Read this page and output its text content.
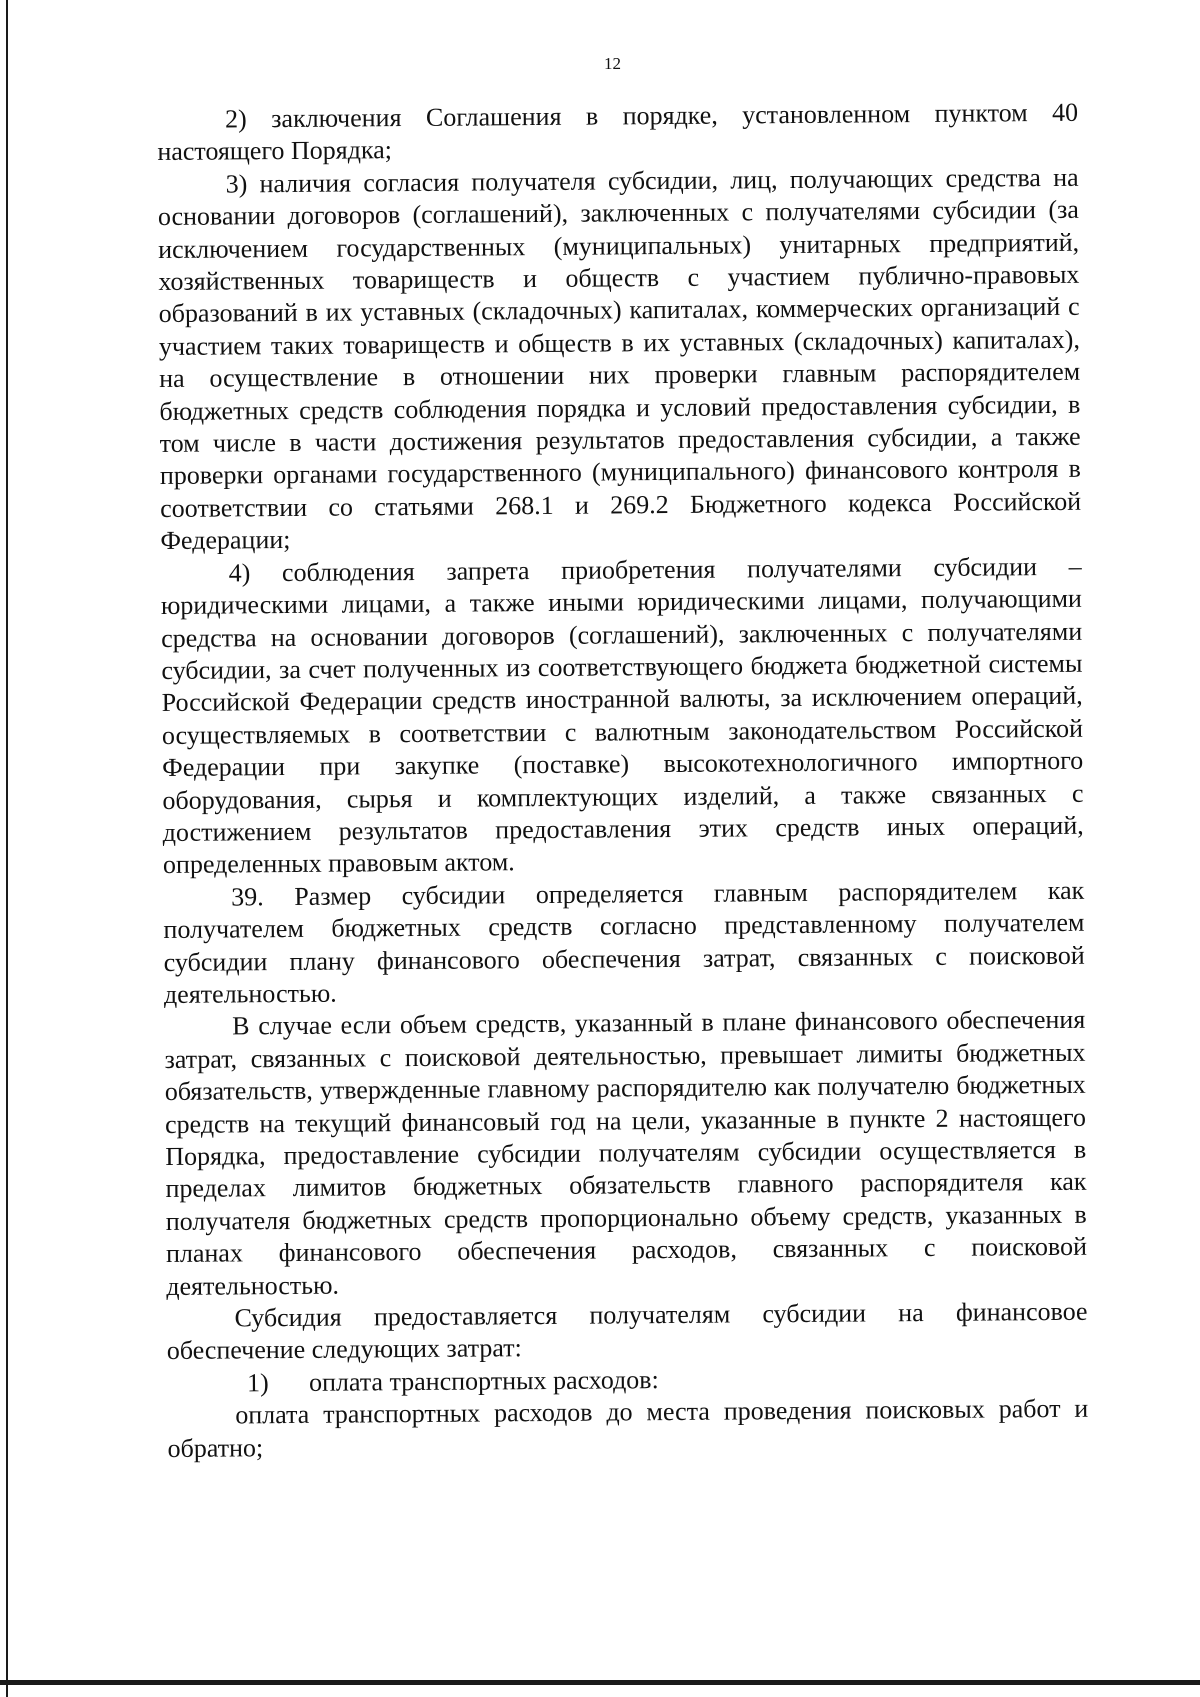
12

2) заключения Соглашения в порядке, установленном пунктом 40 настоящего Порядка;

3) наличия согласия получателя субсидии, лиц, получающих средства на основании договоров (соглашений), заключенных с получателями субсидии (за исключением государственных (муниципальных) унитарных предприятий, хозяйственных товариществ и обществ с участием публично-правовых образований в их уставных (складочных) капиталах, коммерческих организаций с участием таких товариществ и обществ в их уставных (складочных) капиталах), на осуществление в отношении них проверки главным распорядителем бюджетных средств соблюдения порядка и условий предоставления субсидии, в том числе в части достижения результатов предоставления субсидии, а также проверки органами государственного (муниципального) финансового контроля в соответствии со статьями 268.1 и 269.2 Бюджетного кодекса Российской Федерации;

4) соблюдения запрета приобретения получателями субсидии – юридическими лицами, а также иными юридическими лицами, получающими средства на основании договоров (соглашений), заключенных с получателями субсидии, за счет полученных из соответствующего бюджета бюджетной системы Российской Федерации средств иностранной валюты, за исключением операций, осуществляемых в соответствии с валютным законодательством Российской Федерации при закупке (поставке) высокотехнологичного импортного оборудования, сырья и комплектующих изделий, а также связанных с достижением результатов предоставления этих средств иных операций, определенных правовым актом.

39. Размер субсидии определяется главным распорядителем как получателем бюджетных средств согласно представленному получателем субсидии плану финансового обеспечения затрат, связанных с поисковой деятельностью.

В случае если объем средств, указанный в плане финансового обеспечения затрат, связанных с поисковой деятельностью, превышает лимиты бюджетных обязательств, утвержденные главному распорядителю как получателю бюджетных средств на текущий финансовый год на цели, указанные в пункте 2 настоящего Порядка, предоставление субсидии получателям субсидии осуществляется в пределах лимитов бюджетных обязательств главного распорядителя как получателя бюджетных средств пропорционально объему средств, указанных в планах финансового обеспечения расходов, связанных с поисковой деятельностью.

Субсидия предоставляется получателям субсидии на финансовое обеспечение следующих затрат:

1)	оплата транспортных расходов:

оплата транспортных расходов до места проведения поисковых работ и обратно;
